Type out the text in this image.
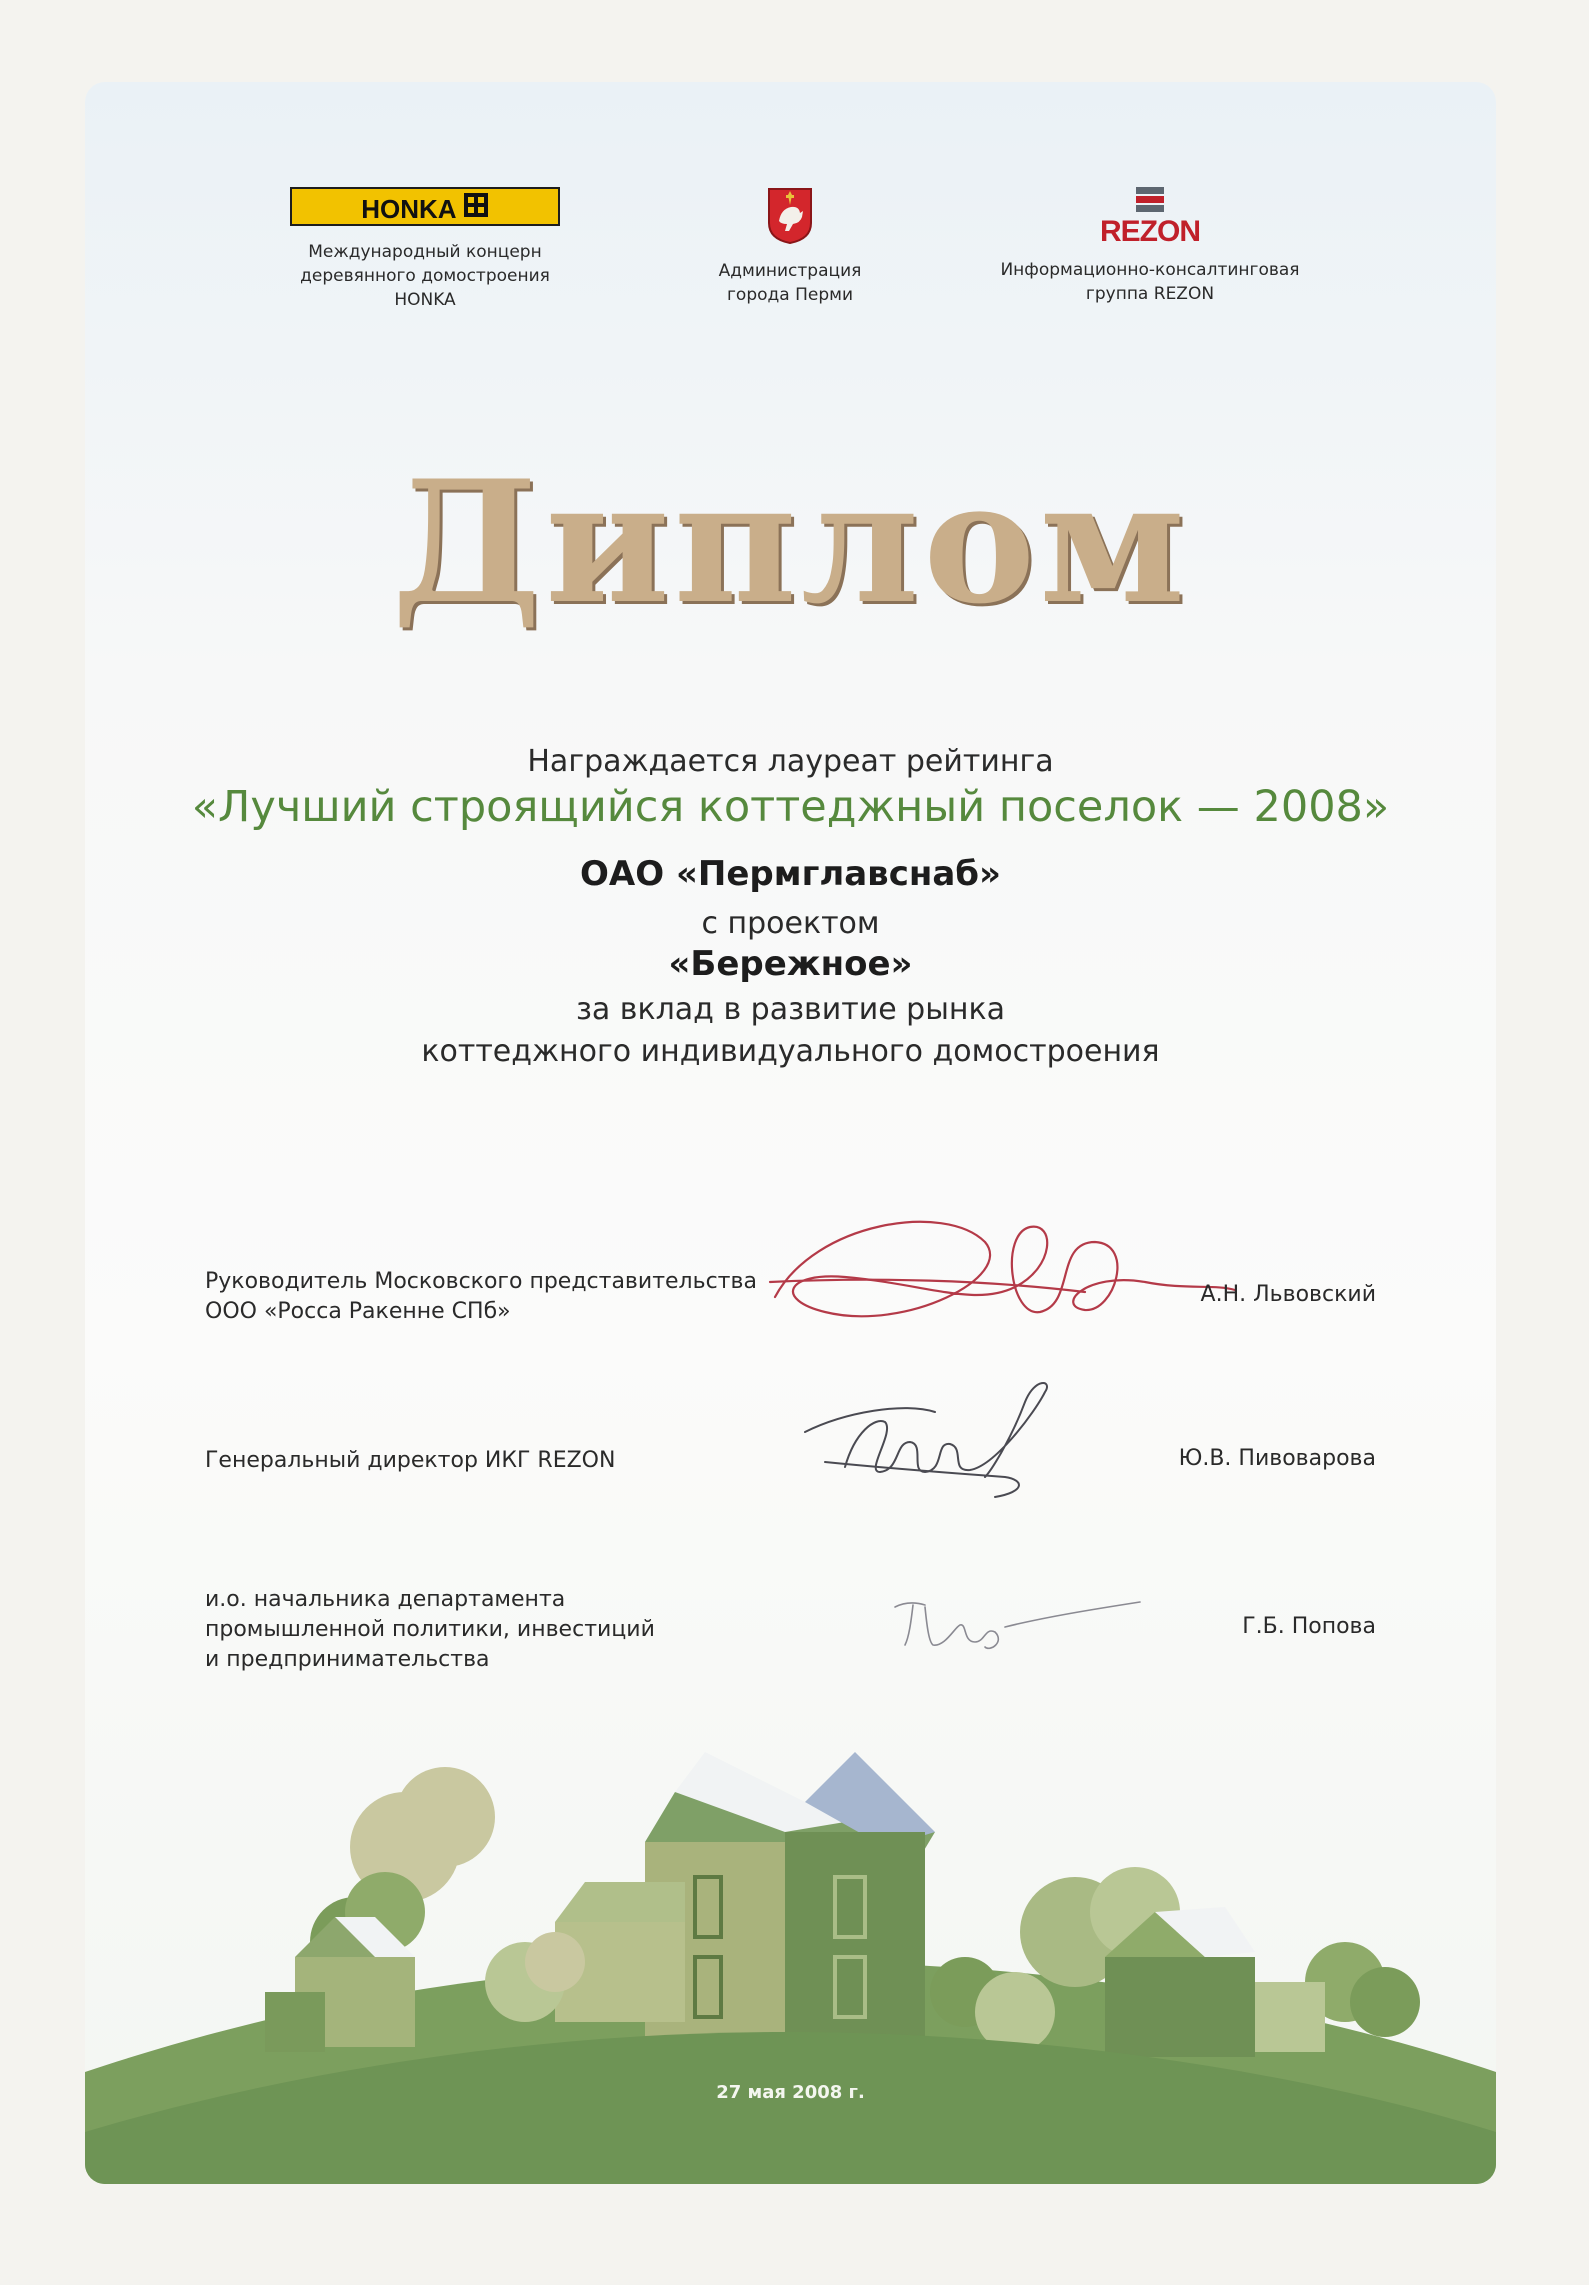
HONKA
Международный концерн
деревянного домостроения
HONKA
Администрация
города Перми
REZON
Информационно-консалтинговая
группа REZON
Диплом
Награждается лауреат рейтинга
«Лучший строящийся коттеджный поселок — 2008»
ОАО «Пермглавснаб»
с проектом
«Бережное»
за вклад в развитие рынка
коттеджного индивидуального домостроения
Руководитель Московского представительства
ООО «Росса Ракенне СПб»
А.Н. Львовский
Генеральный директор ИКГ REZON	Ю.В. Пивоварова
и.о. начальника департамента
промышленной политики, инвестиций
и предпринимательства
Г.Б. Попова
27 мая 2008 г.
